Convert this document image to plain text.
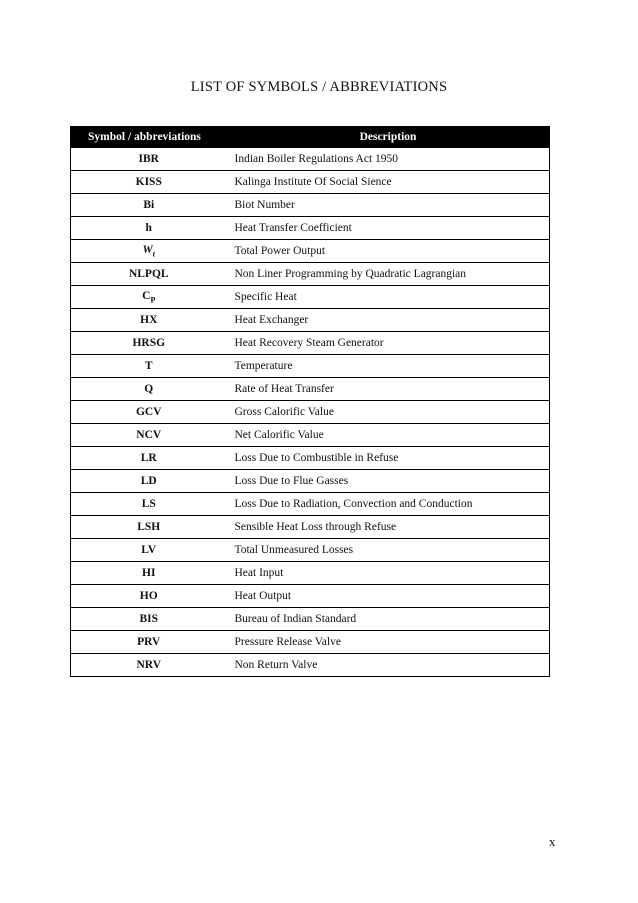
LIST OF SYMBOLS / ABBREVIATIONS
Symbol / abbreviations	Description
IBR	Indian Boiler Regulations Act 1950
KISS	Kalinga Institute Of Social Sience
Bi	Biot Number
h	Heat Transfer Coefficient
$W_t$	Total Power Output
NLPQL	Non Liner Programming by Quadratic Lagrangian
$C_P$	Specific Heat
HX	Heat Exchanger
HRSG	Heat Recovery Steam Generator
T	Temperature
Q	Rate of Heat Transfer
GCV	Gross Calorific Value
NCV	Net Calorific Value
LR	Loss Due to Combustible in Refuse
LD	Loss Due to Flue Gasses
LS	Loss Due to Radiation, Convection and Conduction
LSH	Sensible Heat Loss through Refuse
LV	Total Unmeasured Losses
HI	Heat Input
HO	Heat Output
BIS	Bureau of Indian Standard
PRV	Pressure Release Valve
NRV	Non Return Valve
x
